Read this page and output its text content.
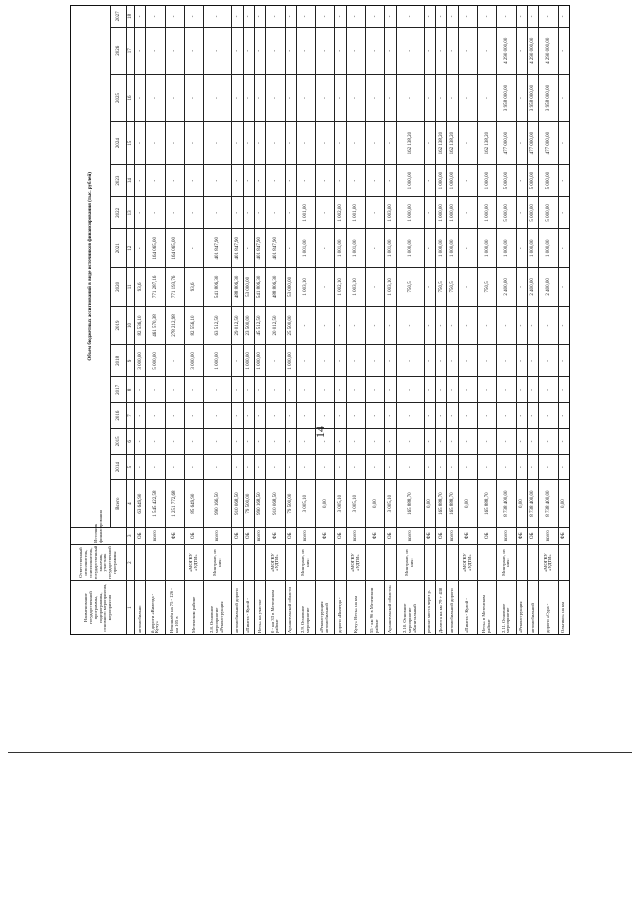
14
Наименование государственной программы, подпрограммы, основного мероприятия, мероприятия	Ответственный исполнитель, соисполнитель, государственный заказчик, участник государственной программы	Источник финансирования	Объем бюджетных ассигнований в виде источников финансирования (тыс. рублей)														
			Всего	2014	2015	2016	2017	2018	2019	2020	2021	2022	2023	2024	2025	2026	2027
1	2	3	4	5	6	7	8	9	10	11	12	13	14	15	16	17	18
автомобильно		ОБ	63 649,90	-	-	-	-	3 000,00	82 536,10	93,6	-	-	-	-	-	-	-
й дороги «Вилегда - Кучу»		всего	1 545 422,58	-	-	-	-	5 000,00	461 570,38	771 287,16	164 065,00	-	-	-	-	-	-
Некошлён на 75 - 126 - км 105 в		ФБ	1 251 772,68	-	-	-	-	-	278 212,98	771 193,76	164 065,00	-	-	-	-	-	-
Мезенском районе	«МОГКУ «УДТИ»	ОБ	85 649,90	-	-	-	-	3 000,00	82 556,10	93,6	-	-	-	-	-	-	-
2.8. Основное мероприятие «Реконструкция	Минтранс, из них:	всего	990 166,50	-	-	-	-	1 000,00	63 512,50	541 806,30	401 847,90	-	-	-	-	-	-
автомобильной дороги		ОБ	910 068,50	-	-	-	-	-	29 012,50	488 806,30	401 847,90	-	-	-	-	-	-
«Пинега - Кулой -		ОБ	79 500,00	-	-	-	-	1 000,00	23 500,00	53 000,00	-	-	-	-	-	-	-
Несь» на участке		всего	990 168,50	-	-	-	-	1 000,00	45 512,50	541 806,30	401 847,90	-	-	-	-	-	-
0 - км 33 в Мезенском районе	«МОГКУ «УДТИ»	ФБ	910 068,50	-	-	-	-	-	20 012,50	488 806,30	401 847,90	-	-	-	-	-	-
Архангельской области		ОБ	79 500,00	-	-	-	-	1 000,00	25 500,00	53 000,00	-	-	-	-	-	-	-
2.9. Основное мероприятие	Минтранс, из них:	всего	3 005,10	-	-	-	-	-	-	1 003,10	1 001,00	1 001,00	-	-	-	-	-
«Реконструкция автомобильной		ФБ	0,00	-	-	-	-	-	-	-	-	-	-	-	-	-	-
дороги «Вилегда -		ОБ	3 005,10	-	-	-	-	-	-	1 002,10	1 001,00	1 002,00	-	-	-	-	-
Кучу» Несь» на км	«МОГКУ «УДТИ»	всего	3 005,10	-	-	-	-	-	-	1 003,10	1 001,00	1 001,00	-	-	-	-	-
55 - км 96 в Мезенском районе		ФБ	0,00	-	-	-	-	-	-	-	-	-	-	-	-	-	-
Архангельской области»		ОБ	3 005,10	-	-	-	-	-	-	1 003,10	1 001,00	1 003,00	-	-	-	-	-
2.10. Основное мероприятие «Капитальный	Минтранс, из них:	всего	165 888,70	-	-	-	-	-	-	750,5	1 000,00	1 000,00	1 000,00	162 138,20	-	-	-
ремонт моста через р.		ФБ	0,00	-	-	-	-	-	-	-	-	-	-	-	-	-	-
Долгота на км 79 + 438		ОБ	165 888,70	-	-	-	-	-	-	750,5	1 000,00	1 000,00	1 000,00	162 138,20	-	-	-
автомобильной дороги		всего	165 888,70	-	-	-	-	-	-	750,5	1 000,00	1 000,00	1 000,00	162 138,20	-	-	-
«Пинега - Кулой -	«МОГКУ «УДТИ»	ФБ	0,00	-	-	-	-	-	-	-	-	-	-	-	-	-	-
Несь» в Мезенском районе		ОБ	165 888,70	-	-	-	-	-	-	750,5	1 000,00	1 000,00	1 000,00	162 138,20	-	-	-
2.11. Основное мероприятие	Минтранс, из них:	всего	8 738 400,00	-	-	-	-	-	-	2 400,00	1 000,00	5 000,00	5 000,00	477 000,00	3 958 000,00	4 290 000,00	-
«Реконструкция		ФБ	0,00	-	-	-	-	-	-	-	-	-	-	-	-	-	-
автомобильной		ОБ	8 738 400,00	-	-	-	-	-	-	2 400,00	1 000,00	5 000,00	5 000,00	477 000,00	3 958 000,00	4 290 000,00	-
дороги «Сура -	«МОГКУ «УДТИ»	всего	8 738 400,00	-	-	-	-	-	-	2 400,00	1 000,00	5 000,00	5 000,00	477 000,00	3 958 000,00	4 290 000,00	-
Ольгино» на км		ФБ	0,00	-	-	-	-	-	-	-	-	-	-	-	-	-	-
